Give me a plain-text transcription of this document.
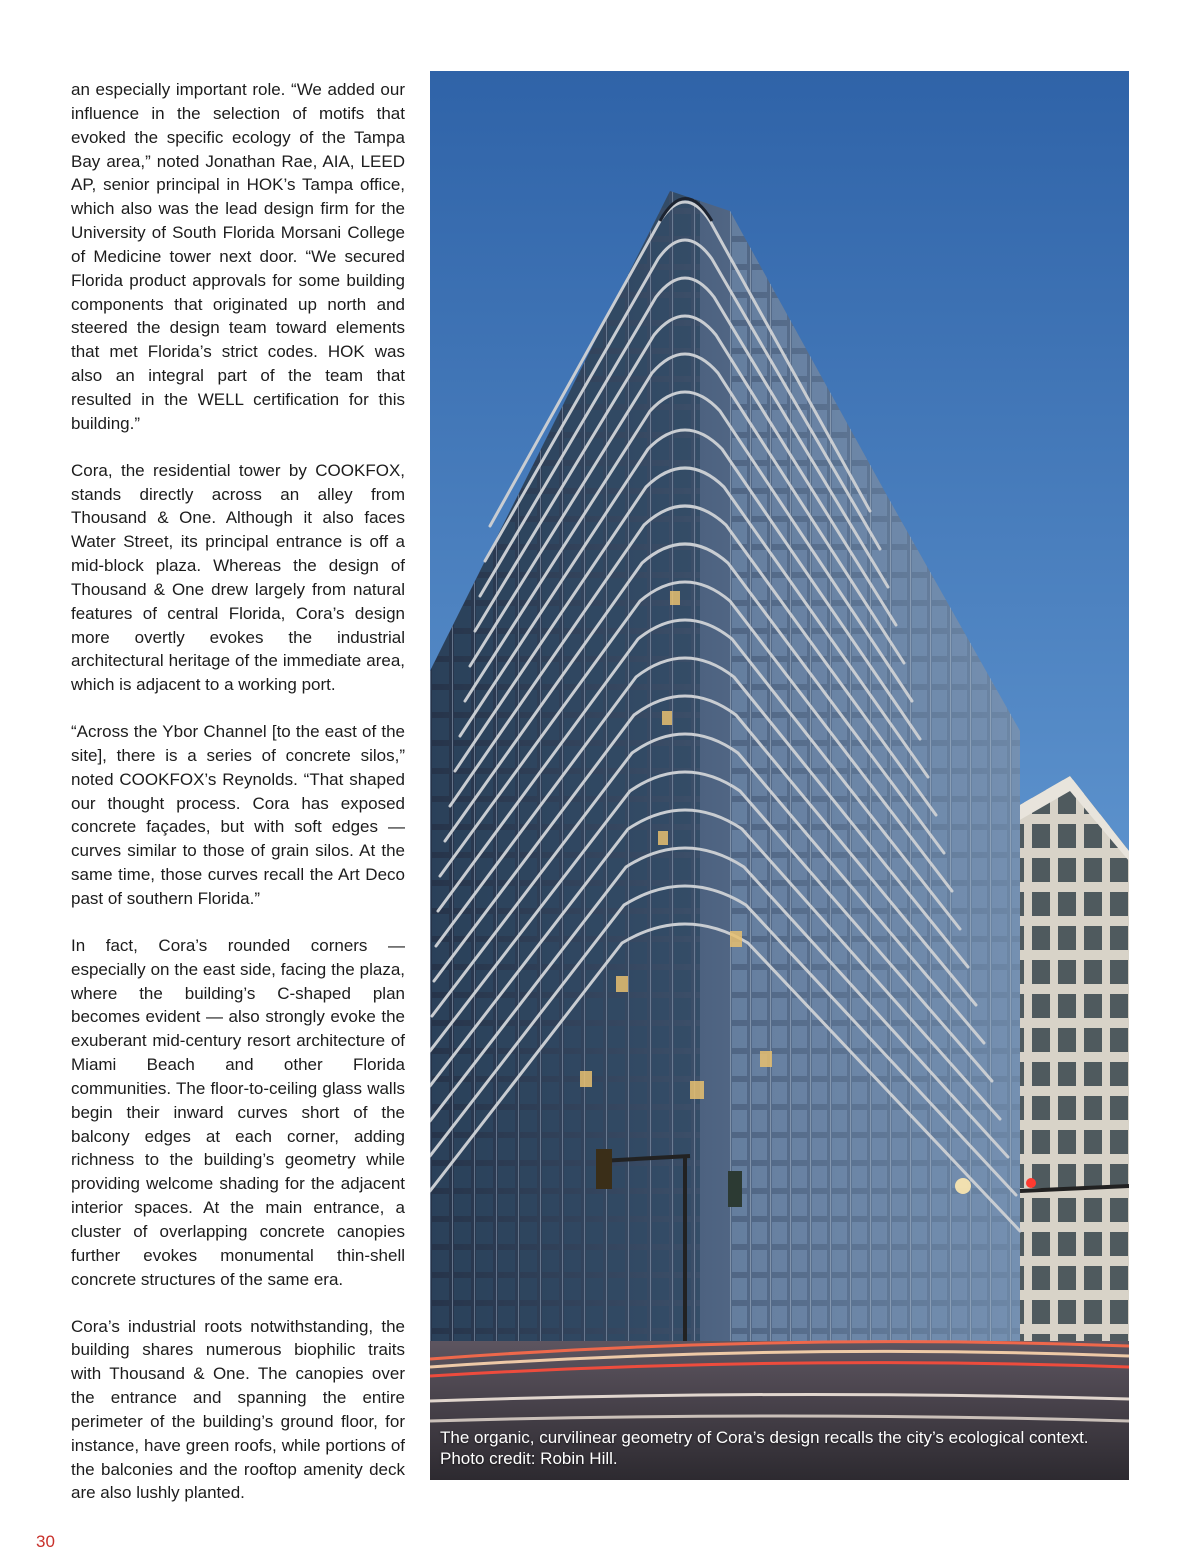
an especially important role. “We added our influence in the selection of motifs that evoked the specific ecology of the Tampa Bay area,” noted Jonathan Rae, AIA, LEED AP, senior principal in HOK’s Tampa office, which also was the lead design firm for the University of South Florida Morsani College of Medicine tower next door. “We secured Florida product approvals for some building components that originated up north and steered the design team toward elements that met Florida’s strict codes. HOK was also an integral part of the team that resulted in the WELL certification for this building.”

Cora, the residential tower by COOKFOX, stands directly across an alley from Thousand & One. Although it also faces Water Street, its principal entrance is off a mid-block plaza. Whereas the design of Thousand & One drew largely from natural features of central Florida, Cora’s design more overtly evokes the industrial architectural heritage of the immediate area, which is adjacent to a working port.

“Across the Ybor Channel [to the east of the site], there is a series of concrete silos,” noted COOKFOX’s Reynolds. “That shaped our thought process. Cora has exposed concrete façades, but with soft edges — curves similar to those of grain silos. At the same time, those curves recall the Art Deco past of southern Florida.”

In fact, Cora’s rounded corners — especially on the east side, facing the plaza, where the building’s C-shaped plan becomes evident — also strongly evoke the exuberant mid-century resort architecture of Miami Beach and other Florida communities. The floor-to-ceiling glass walls begin their inward curves short of the balcony edges at each corner, adding richness to the building’s geometry while providing welcome shading for the adjacent interior spaces. At the main entrance, a cluster of overlapping concrete canopies further evokes monumental thin-shell concrete structures of the same era.

Cora’s industrial roots notwithstanding, the building shares numerous biophilic traits with Thousand & One. The canopies over the entrance and spanning the entire perimeter of the building’s ground floor, for instance, have green roofs, while portions of the balconies and the rooftop amenity deck are also lushly planted.

The organic, curvilinear geometry of Cora’s design recalls the city’s ecological context. Photo credit: Robin Hill.
30
